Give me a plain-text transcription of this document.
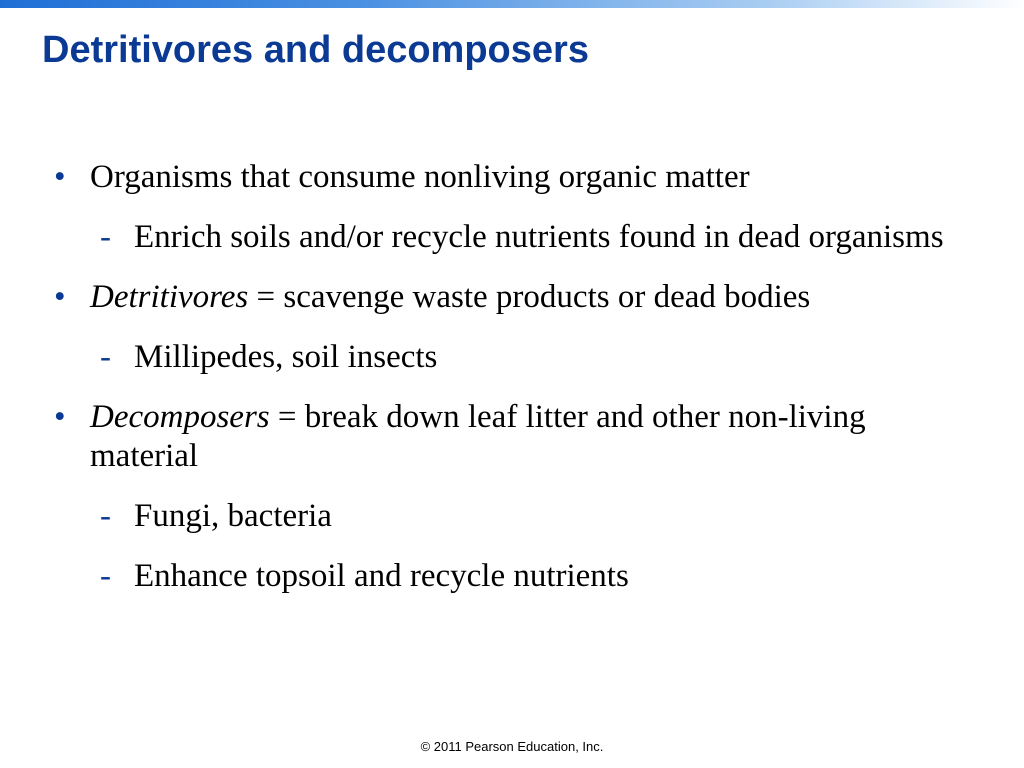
Detritivores and decomposers
• Organisms that consume nonliving organic matter
- Enrich soils and/or recycle nutrients found in dead organisms
• Detritivores = scavenge waste products or dead bodies
- Millipedes, soil insects
• Decomposers = break down leaf litter and other non-living material
- Fungi, bacteria
- Enhance topsoil and recycle nutrients
© 2011 Pearson Education, Inc.
